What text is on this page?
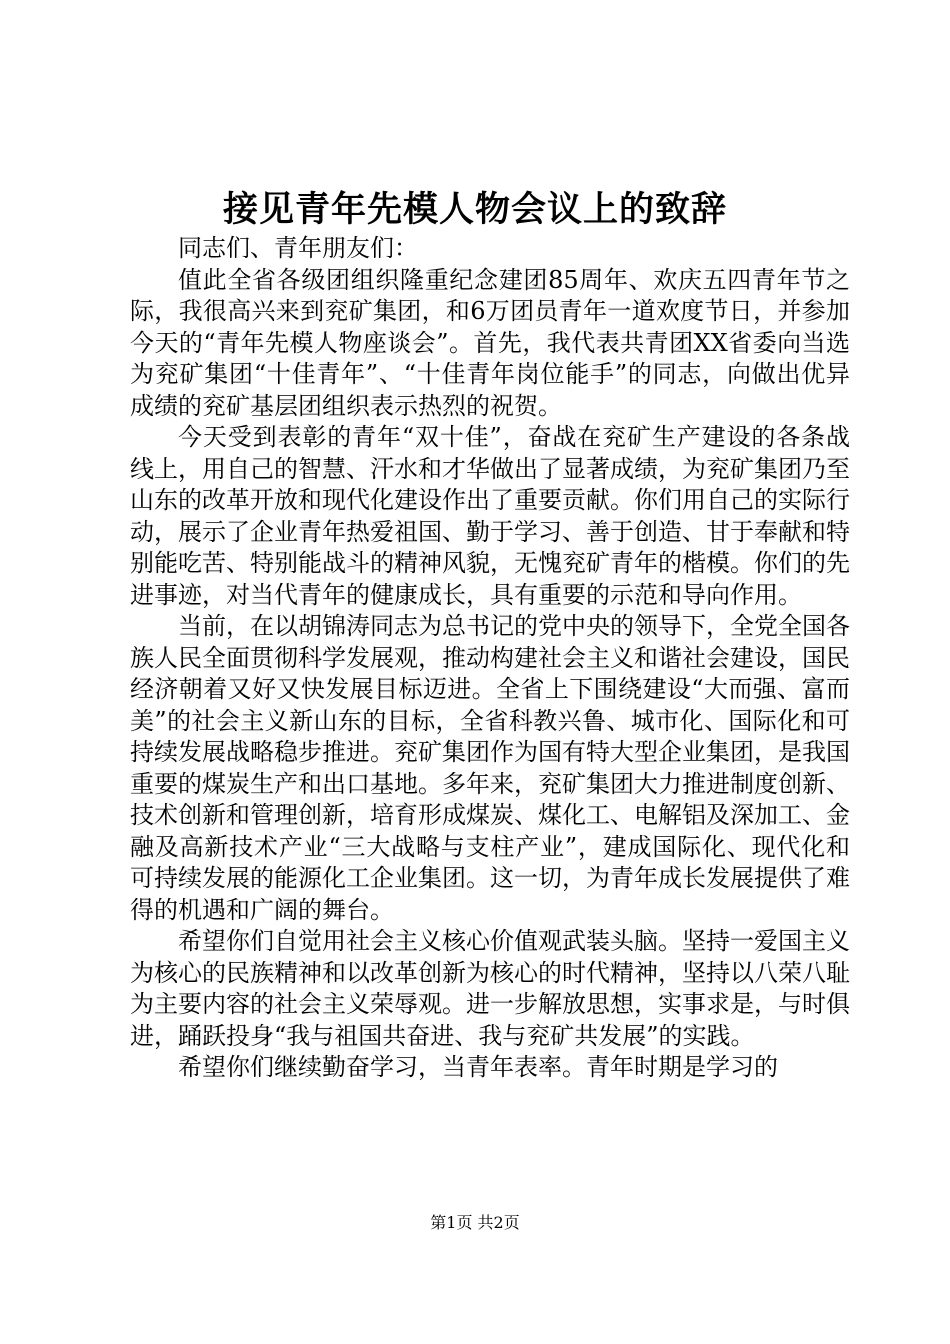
接见青年先模人物会议上的致辞

同志们、青年朋友们：

值此全省各级团组织隆重纪念建团85周年、欢庆五四青年节之际，我很高兴来到兖矿集团，和6万团员青年一道欢度节日，并参加今天的“青年先模人物座谈会”。首先，我代表共青团XX省委向当选为兖矿集团“十佳青年”、“十佳青年岗位能手”的同志，向做出优异成绩的兖矿基层团组织表示热烈的祝贺。

今天受到表彰的青年“双十佳”，奋战在兖矿生产建设的各条战线上，用自己的智慧、汗水和才华做出了显著成绩，为兖矿集团乃至山东的改革开放和现代化建设作出了重要贡献。你们用自己的实际行动，展示了企业青年热爱祖国、勤于学习、善于创造、甘于奉献和特别能吃苦、特别能战斗的精神风貌，无愧兖矿青年的楷模。你们的先进事迹，对当代青年的健康成长，具有重要的示范和导向作用。

当前，在以胡锦涛同志为总书记的党中央的领导下，全党全国各族人民全面贯彻科学发展观，推动构建社会主义和谐社会建设，国民经济朝着又好又快发展目标迈进。全省上下围绕建设“大而强、富而美”的社会主义新山东的目标，全省科教兴鲁、城市化、国际化和可持续发展战略稳步推进。兖矿集团作为国有特大型企业集团，是我国重要的煤炭生产和出口基地。多年来，兖矿集团大力推进制度创新、技术创新和管理创新，培育形成煤炭、煤化工、电解铝及深加工、金融及高新技术产业“三大战略与支柱产业”，建成国际化、现代化和可持续发展的能源化工企业集团。这一切，为青年成长发展提供了难得的机遇和广阔的舞台。

希望你们自觉用社会主义核心价值观武装头脑。坚持一爱国主义为核心的民族精神和以改革创新为核心的时代精神，坚持以八荣八耻为主要内容的社会主义荣辱观。进一步解放思想，实事求是，与时俱进，踊跃投身“我与祖国共奋进、我与兖矿共发展”的实践。

希望你们继续勤奋学习，当青年表率。青年时期是学习的

第1页 共2页
